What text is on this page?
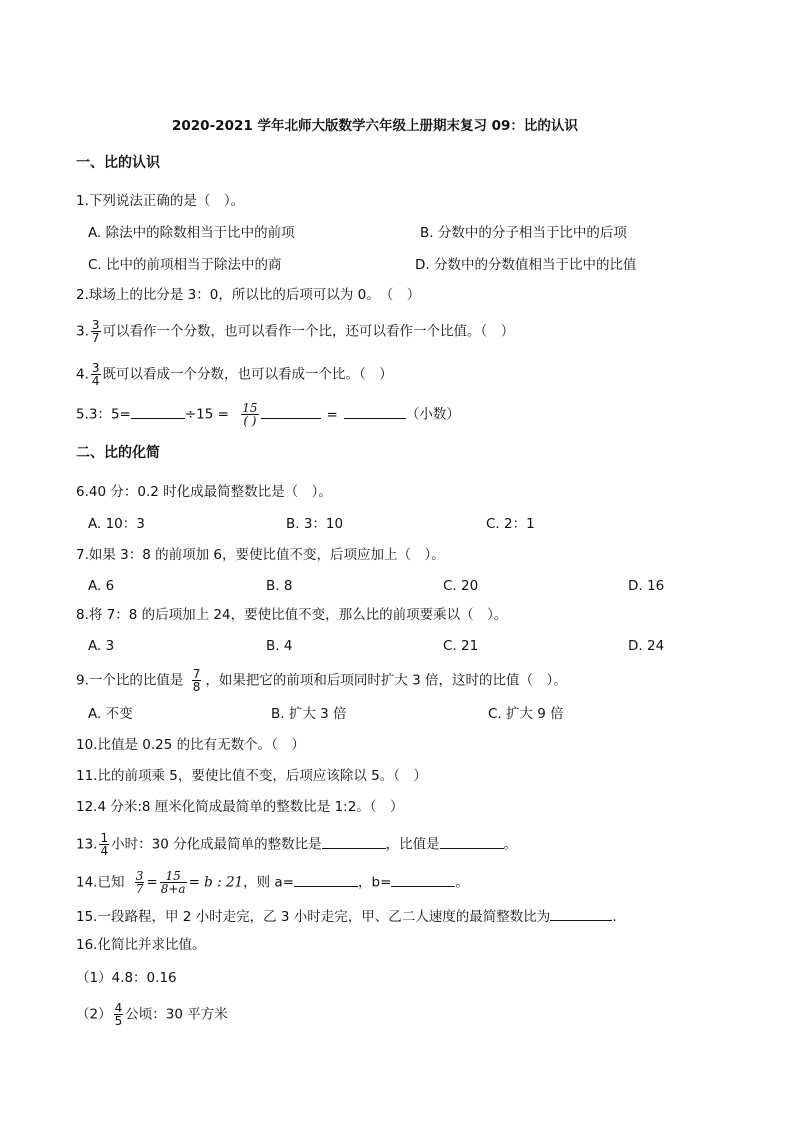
2020-2021 学年北师大版数学六年级上册期末复习 09：比的认识
一、比的认识
1.下列说法正确的是（　）。
A. 除法中的除数相当于比中的前项	B. 分数中的分子相当于比中的后项
C. 比中的前项相当于除法中的商	D. 分数中的分数值相当于比中的比值
2.球场上的比分是 3：0，所以比的后项可以为 0。　（　）
3. $\frac{3}{7}$ 可以看作一个分数，也可以看作一个比，还可以看作一个比值。（　）
4. $\frac{3}{4}$ 既可以看成一个分数，也可以看成一个比。（　）
5.3：5=	$\div 15 = \frac{15}{( )}$	=	（小数）
二、比的化简
6.40 分：0.2 时化成最简整数比是（　）。
A. 10：3	B. 3：10	C. 2：1
7.如果 3：8 的前项加 6，要使比值不变，后项应加上（　）。
A. 6	B. 8	C. 20	D. 16
8.将 7：8 的后项加上 24，要使比值不变，那么比的前项要乘以（　）。
A. 3	B. 4	C. 21	D. 24
9.一个比的比值是 $\frac{7}{8}$ ，如果把它的前项和后项同时扩大 3 倍，这时的比值（　）。
A. 不变	B. 扩大 3 倍	C. 扩大 9 倍
10.比值是 0.25 的比有无数个。（　）
11.比的前项乘 5，要使比值不变，后项应该除以 5。（　）
12.4 分米:8 厘米化简成最简单的整数比是 1:2。（　）
13. $\frac{1}{4}$ 小时：30 分化成最简单的整数比是	，比值是	。
14.已知 $\frac{3}{7} = \frac{15}{8+a} = b$ : 21，则 a=	，b=	。
15.一段路程，甲 2 小时走完，乙 3 小时走完，甲、乙二人速度的最简整数比为	.
16.化简比并求比值。
（1）4.8：0.16
$(2) \frac{4}{5}$ 公顷：30 平方米
